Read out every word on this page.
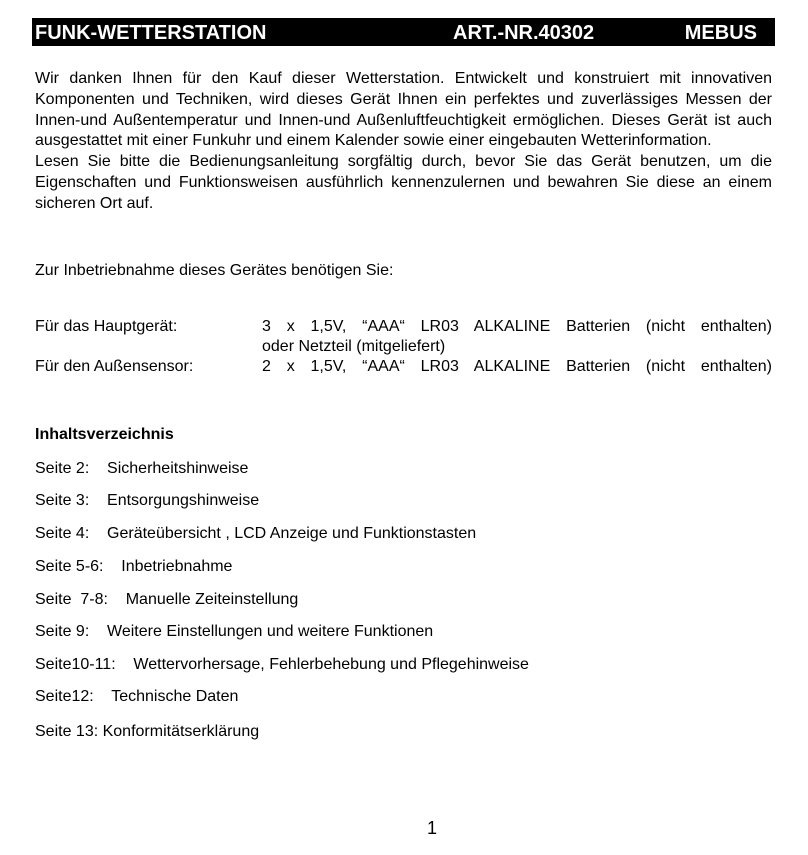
FUNK-WETTERSTATION	ART.-NR.40302	MEBUS

Wir danken Ihnen für den Kauf dieser Wetterstation. Entwickelt und konstruiert mit innovativen Komponenten und Techniken, wird dieses Gerät Ihnen ein perfektes und zuverlässiges Messen der Innen-und Außentemperatur und Innen-und Außenluftfeuchtigkeit ermöglichen. Dieses Gerät ist auch ausgestattet mit einer Funkuhr und einem Kalender sowie einer eingebauten Wetterinformation.

Lesen Sie bitte die Bedienungsanleitung sorgfältig durch, bevor Sie das Gerät benutzen, um die Eigenschaften und Funktionsweisen ausführlich kennenzulernen und bewahren Sie diese an einem sicheren Ort auf.

Zur Inbetriebnahme dieses Gerätes benötigen Sie:
Für das Hauptgerät:	3 x 1,5V, “AAA“ LR03 ALKALINE Batterien (nicht enthalten)
oder Netzteil (mitgeliefert)
Für den Außensensor:	2 x 1,5V, “AAA“ LR03 ALKALINE Batterien (nicht enthalten)
Inhaltsverzeichnis
Seite 2:    Sicherheitshinweise
Seite 3:    Entsorgungshinweise
Seite 4:    Geräteübersicht , LCD Anzeige und Funktionstasten
Seite 5-6:    Inbetriebnahme
Seite  7-8:    Manuelle Zeiteinstellung
Seite 9:    Weitere Einstellungen und weitere Funktionen
Seite10-11:    Wettervorhersage, Fehlerbehebung und Pflegehinweise
Seite12:    Technische Daten
Seite 13: Konformitätserklärung
1
